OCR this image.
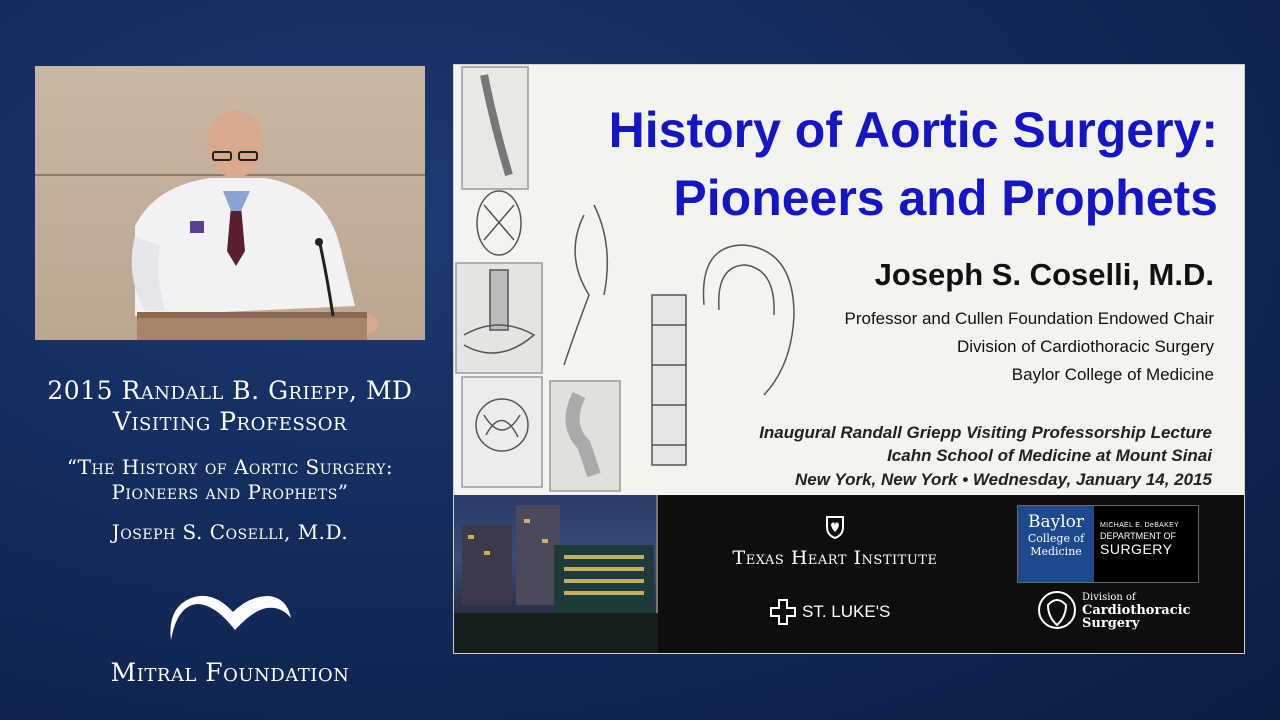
2015 Randall B. Griepp, MD
Visiting Professor
“The History of Aortic Surgery:
Pioneers and Prophets”
Joseph S. Coselli, M.D.
Mitral Foundation
History of Aortic Surgery:
Pioneers and Prophets
Joseph S. Coselli, M.D.
Professor and Cullen Foundation Endowed Chair
Division of Cardiothoracic Surgery
Baylor College of Medicine
Inaugural Randall Griepp Visiting Professorship Lecture
Icahn School of Medicine at Mount Sinai
New York, New York • Wednesday, January 14, 2015
Texas Heart Institute
ST. LUKE'S
Baylor
College of
Medicine
MICHAEL E. DeBAKEY
DEPARTMENT OF
SURGERY
Division of
Cardiothoracic
Surgery
